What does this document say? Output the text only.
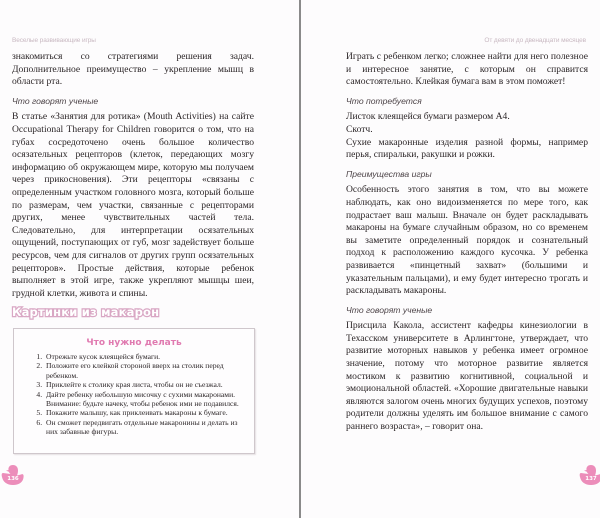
Веселые развивающие игры

знакомиться со стратегиями решения задач. Дополнительное преимущество – укрепление мышц в области рта.

Что говорят ученые

В статье «Занятия для ротика» (Mouth Activities) на сайте Occupational Therapy for Children говорится о том, что на губах сосредоточено очень большое количество осязательных рецепторов (клеток, передающих мозгу информацию об окружающем мире, которую мы получаем через прикосновения). Эти рецепторы «связаны с определенным участком головного мозга, который больше по размерам, чем участки, связанные с рецепторами других, менее чувствительных частей тела. Следовательно, для интерпретации осязательных ощущений, поступающих от губ, мозг задействует больше ресурсов, чем для сигналов от других групп осязательных рецепторов». Простые действия, которые ребенок выполняет в этой игре, также укрепляют мышцы шеи, грудной клетки, живота и спины.

Картинки из макарон
Что нужно делать
1. Отрежьте кусок клеящейся бумаги.
2. Положите его клейкой стороной вверх на столик перед ребенком.
3. Приклейте к столику края листа, чтобы он не съезжал.
4. Дайте ребенку небольшую мисочку с сухими макаронами. Внимание: будьте начеку, чтобы ребенок ими не подавился.
5. Покажите малышу, как приклеивать макароны к бумаге.
6. Он сможет передвигать отдельные макаронины и делать из них забавные фигуры.
От девяти до двенадцати месяцев

Играть с ребенком легко; сложнее найти для него полезное и интересное занятие, с которым он справится самостоятельно. Клейкая бумага вам в этом поможет!

Что потребуется

Листок клеящейся бумаги размером А4.

Скотч.

Сухие макаронные изделия разной формы, например перья, спиральки, ракушки и рожки.

Преимущества игры

Особенность этого занятия в том, что вы можете наблюдать, как оно видоизменяется по мере того, как подрастает ваш малыш. Вначале он будет раскладывать макароны на бумаге случайным образом, но со временем вы заметите определенный порядок и сознательный подход к расположению каждого кусочка. У ребенка развивается «пинцетный захват» (большими и указательным пальцами), и ему будет интересно трогать и раскладывать макароны.

Что говорят ученые

Присцила Какола, ассистент кафедры кинезиологии в Техасском университете в Арлингтоне, утверждает, что развитие моторных навыков у ребенка имеет огромное значение, потому что моторное развитие является мостиком к развитию когнитивной, социальной и эмоциональной областей. «Хорошие двигательные навыки являются залогом очень многих будущих успехов, поэтому родители должны уделять им большое внимание с самого раннего возраста», – говорит она.

136	137
